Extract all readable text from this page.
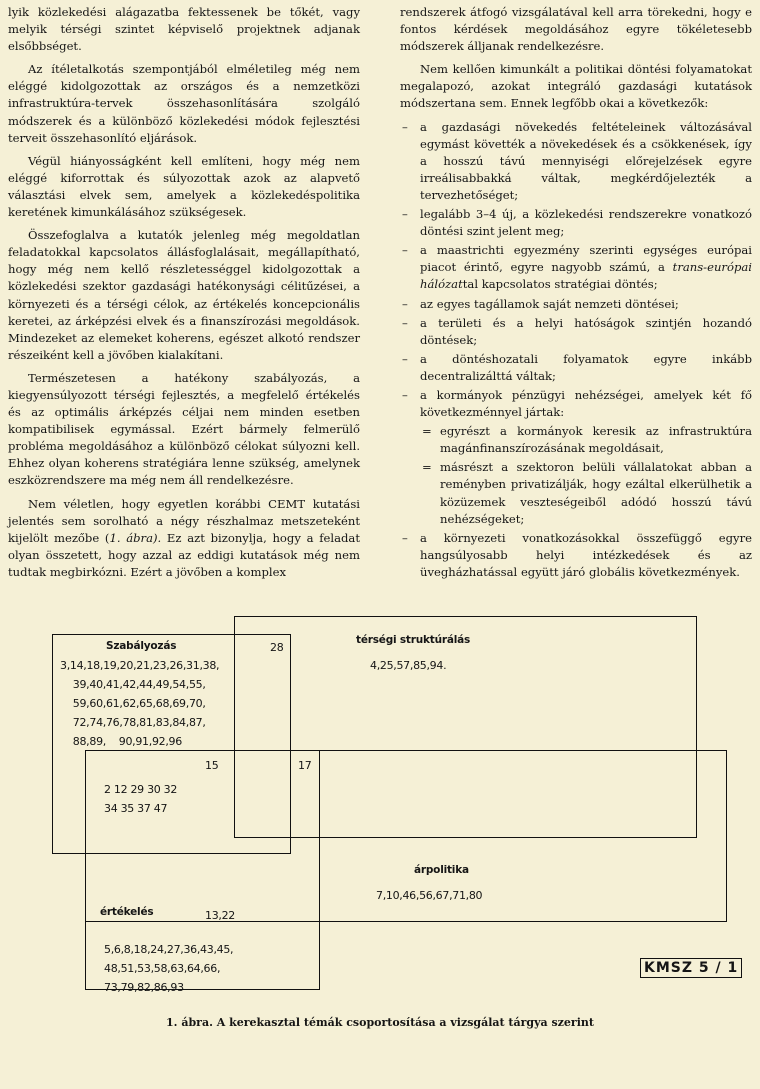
lyik közlekedési alágazatba fektessenek be tőkét, vagy melyik térségi szintet képviselő projektnek adjanak elsőbbséget.

Az ítéletalkotás szempontjából elméletileg még nem eléggé kidolgozottak az országos és a nemzetközi infrastruktúra-tervek összehasonlítására szolgáló módszerek és a különböző közlekedési módok fejlesztési terveit összehasonlító eljárások.

Végül hiányosságként kell említeni, hogy még nem eléggé kiforrottak és súlyozottak azok az alapvető választási elvek sem, amelyek a közlekedéspolitika keretének kimunkálásához szükségesek.

Összefoglalva a kutatók jelenleg még megoldatlan feladatokkal kapcsolatos állásfoglalásait, megállapítható, hogy még nem kellő részletességgel kidolgozottak a közlekedési szektor gazdasági hatékonysági célitűzései, a környezeti és a térségi célok, az értékelés koncepcionális keretei, az árképzési elvek és a finanszírozási megoldások. Mindezeket az elemeket koherens, egészet alkotó rendszer részeiként kell a jövőben kialakítani.

Természetesen a hatékony szabályozás, a kiegyensúlyozott térségi fejlesztés, a megfelelő értékelés és az optimális árképzés céljai nem minden esetben kompatibilisek egymással. Ezért bármely felmerülő probléma megoldásához a különböző célokat súlyozni kell. Ehhez olyan koherens stratégiára lenne szükség, amelynek eszközrendszere ma még nem áll rendelkezésre.

Nem véletlen, hogy egyetlen korábbi CEMT kutatási jelentés sem sorolható a négy részhalmaz metszeteként kijelölt mezőbe (1. ábra). Ez azt bizonylja, hogy a feladat olyan összetett, hogy azzal az eddigi kutatások még nem tudtak megbirkózni. Ezért a jövőben a komplex

rendszerek átfogó vizsgálatával kell arra törekedni, hogy e fontos kérdések megoldásához egyre tökéletesebb módszerek álljanak rendelkezésre.

Nem kellően kimunkált a politikai döntési folyamatokat megalapozó, azokat integráló gazdasági kutatások módszertana sem. Ennek legfőbb okai a következők:

– a gazdasági növekedés feltételeinek változásával egymást követték a növekedések és a csökkenések, így a hosszú távú mennyiségi előrejelzések egyre irreálisabbakká váltak, megkérdőjelezték a tervezhetőséget;
– legalább 3–4 új, a közlekedési rendszerekre vonatkozó döntési szint jelent meg;
– a maastrichti egyezmény szerinti egységes európai piacot érintő, egyre nagyobb számú, a trans-európai hálózattal kapcsolatos stratégiai döntés;
– az egyes tagállamok saját nemzeti döntései;
– a területi és a helyi hatóságok szintjén hozandó döntések;
– a döntéshozatali folyamatok egyre inkább decentralizálttá váltak;
– a kormányok pénzügyi nehézségei, amelyek két fő következménnyel jártak:
= egyrészt a kormányok keresik az infrastruktúra magánfinanszírozásának megoldásait,
= másrészt a szektoron belüli vállalatokat abban a reményben privatizálják, hogy ezáltal elkerülhetik a közüzemek veszteségeiből adódó hosszú távú nehézségeket;
– a környezeti vonatkozásokkal összefüggő egyre hangsúlyosabb helyi intézkedések és az üvegházhatással együtt járó globális következmények.
Szabályozás
3,14,18,19,20,21,23,26,31,38,
39,40,41,42,44,49,54,55,
59,60,61,62,65,68,69,70,
72,74,76,78,81,83,84,87,
88,89,    90,91,92,96
térségi struktúrálás
4,25,57,85,94.
28
15	17
2 12 29 30 32
34 35 37 47
árpolitika
7,10,46,56,67,71,80
értékelés	13,22
5,6,8,18,24,27,36,43,45,
48,51,53,58,63,64,66,
73,79,82,86,93
KMSZ 5 / 1
1. ábra. A kerekasztal témák csoportosítása a vizsgálat tárgya szerint
